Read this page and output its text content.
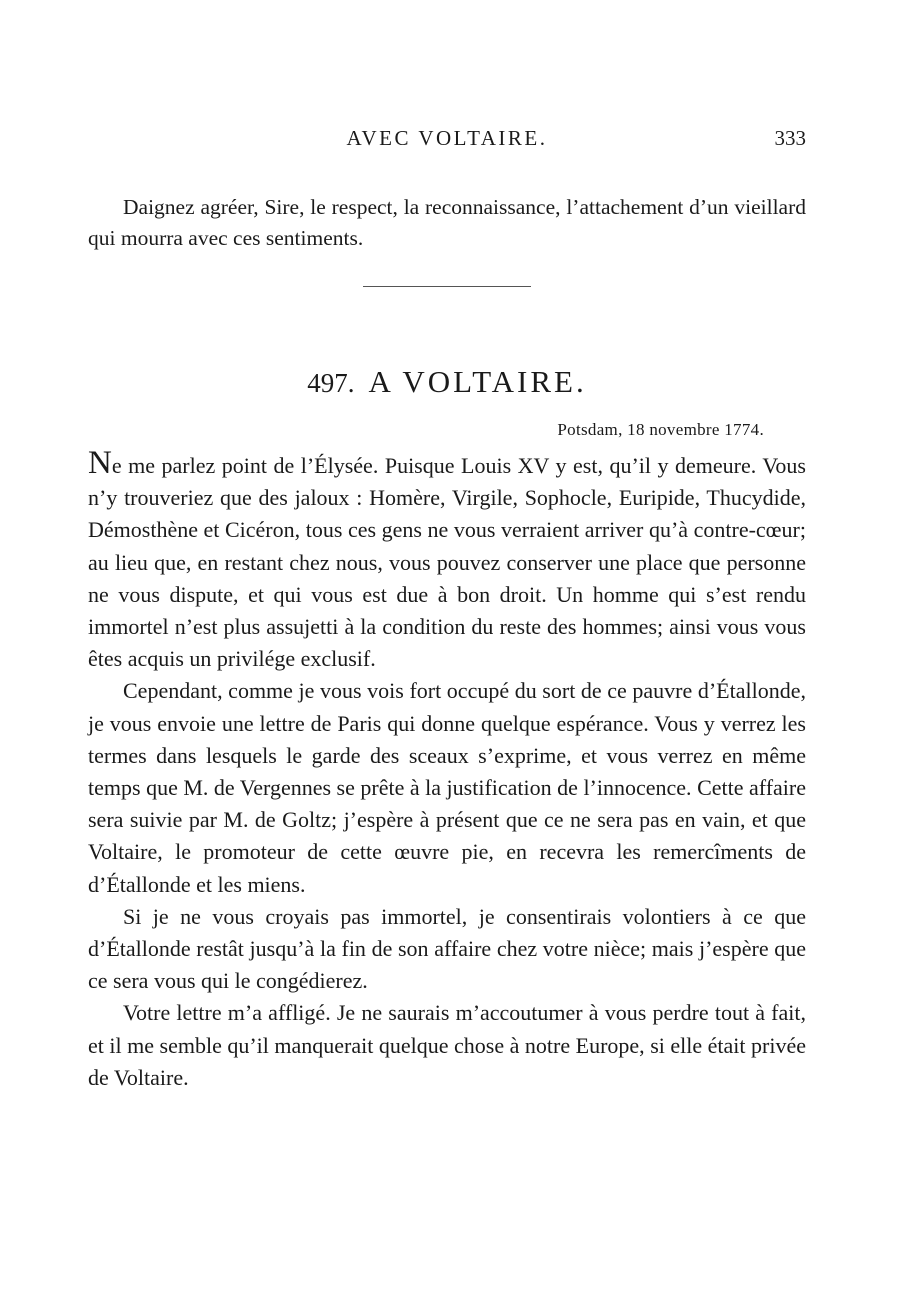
AVEC VOLTAIRE.	333

Daignez agréer, Sire, le respect, la reconnaissance, l’attachement d’un vieillard qui mourra avec ces sentiments.

497. A VOLTAIRE.
Potsdam, 18 novembre 1774.

Ne me parlez point de l’Élysée. Puisque Louis XV y est, qu’il y demeure. Vous n’y trouveriez que des jaloux : Homère, Virgile, Sophocle, Euripide, Thucydide, Démosthène et Cicéron, tous ces gens ne vous verraient arriver qu’à contre-cœur; au lieu que, en restant chez nous, vous pouvez conserver une place que personne ne vous dispute, et qui vous est due à bon droit. Un homme qui s’est rendu immortel n’est plus assujetti à la condition du reste des hommes; ainsi vous vous êtes acquis un privilége exclusif.

Cependant, comme je vous vois fort occupé du sort de ce pauvre d’Étallonde, je vous envoie une lettre de Paris qui donne quelque espérance. Vous y verrez les termes dans lesquels le garde des sceaux s’exprime, et vous verrez en même temps que M. de Vergennes se prête à la justification de l’innocence. Cette affaire sera suivie par M. de Goltz; j’espère à présent que ce ne sera pas en vain, et que Voltaire, le promoteur de cette œuvre pie, en recevra les remercîments de d’Étallonde et les miens.

Si je ne vous croyais pas immortel, je consentirais volontiers à ce que d’Étallonde restât jusqu’à la fin de son affaire chez votre nièce; mais j’espère que ce sera vous qui le congédierez.

Votre lettre m’a affligé. Je ne saurais m’accoutumer à vous perdre tout à fait, et il me semble qu’il manquerait quelque chose à notre Europe, si elle était privée de Voltaire.
